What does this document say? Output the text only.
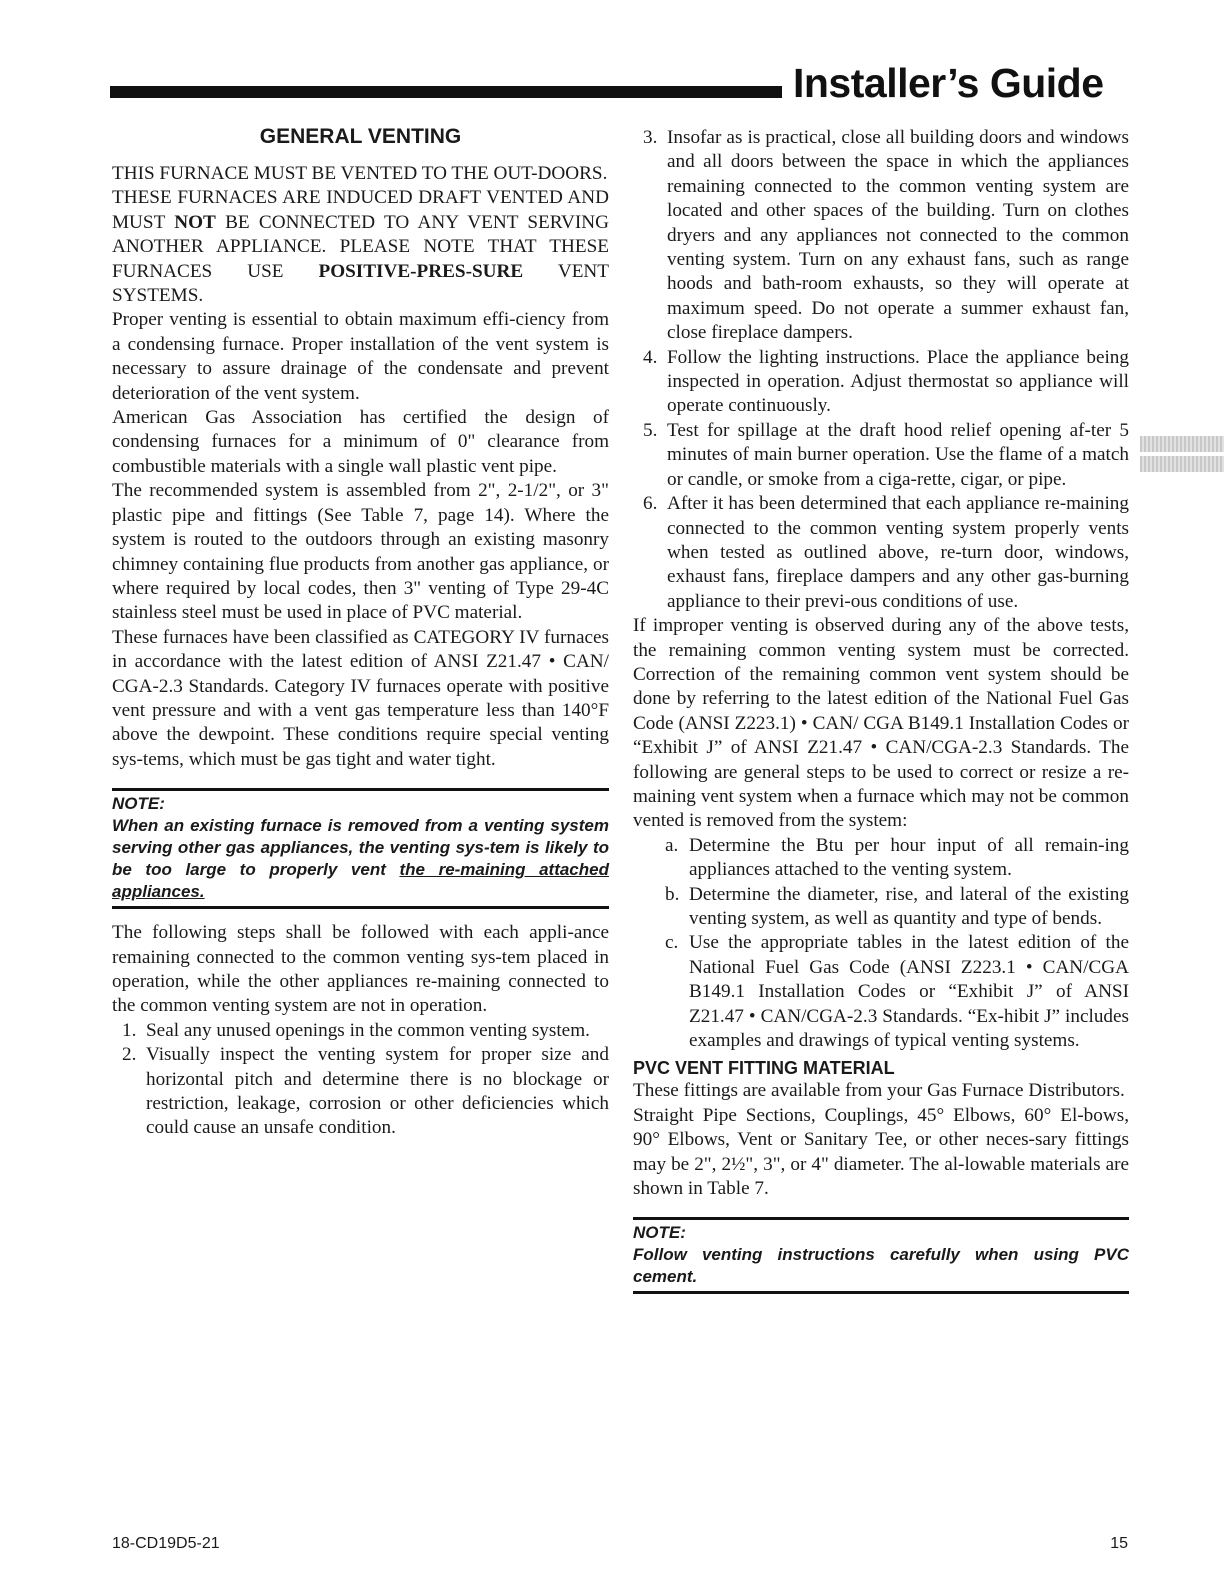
Installer’s Guide
GENERAL VENTING

THIS FURNACE MUST BE VENTED TO THE OUT-DOORS.

THESE FURNACES ARE INDUCED DRAFT VENTED AND MUST NOT BE CONNECTED TO ANY VENT SERVING ANOTHER APPLIANCE. PLEASE NOTE THAT THESE FURNACES USE POSITIVE-PRES-SURE VENT SYSTEMS.

Proper venting is essential to obtain maximum effi-ciency from a condensing furnace. Proper installation of the vent system is necessary to assure drainage of the condensate and prevent deterioration of the vent system.

American Gas Association has certified the design of condensing furnaces for a minimum of 0" clearance from combustible materials with a single wall plastic vent pipe.

The recommended system is assembled from 2", 2-1/2", or 3" plastic pipe and fittings (See Table 7, page 14). Where the system is routed to the outdoors through an existing masonry chimney containing flue products from another gas appliance, or where required by local codes, then 3" venting of Type 29-4C stainless steel must be used in place of PVC material.

These furnaces have been classified as CATEGORY IV furnaces in accordance with the latest edition of ANSI Z21.47 • CAN/ CGA-2.3 Standards. Category IV furnaces operate with positive vent pressure and with a vent gas temperature less than 140°F above the dewpoint. These conditions require special venting sys-tems, which must be gas tight and water tight.

NOTE:
When an existing furnace is removed from a venting system serving other gas appliances, the venting sys-tem is likely to be too large to properly vent the re-maining attached appliances.

The following steps shall be followed with each appli-ance remaining connected to the common venting sys-tem placed in operation, while the other appliances re-maining connected to the common venting system are not in operation.

1. Seal any unused openings in the common venting system.
2. Visually inspect the venting system for proper size and horizontal pitch and determine there is no blockage or restriction, leakage, corrosion or other deficiencies which could cause an unsafe condition.
3. Insofar as is practical, close all building doors and windows and all doors between the space in which the appliances remaining connected to the common venting system are located and other spaces of the building. Turn on clothes dryers and any appliances not connected to the common venting system. Turn on any exhaust fans, such as range hoods and bath-room exhausts, so they will operate at maximum speed. Do not operate a summer exhaust fan, close fireplace dampers.
4. Follow the lighting instructions. Place the appliance being inspected in operation. Adjust thermostat so appliance will operate continuously.
5. Test for spillage at the draft hood relief opening af-ter 5 minutes of main burner operation. Use the flame of a match or candle, or smoke from a ciga-rette, cigar, or pipe.
6. After it has been determined that each appliance re-maining connected to the common venting system properly vents when tested as outlined above, re-turn door, windows, exhaust fans, fireplace dampers and any other gas-burning appliance to their previ-ous conditions of use.

If improper venting is observed during any of the above tests, the remaining common venting system must be corrected. Correction of the remaining common vent system should be done by referring to the latest edition of the National Fuel Gas Code (ANSI Z223.1) • CAN/ CGA B149.1 Installation Codes or “Exhibit J” of ANSI Z21.47 • CAN/CGA-2.3 Standards. The following are general steps to be used to correct or resize a re-maining vent system when a furnace which may not be common vented is removed from the system:

a. Determine the Btu per hour input of all remain-ing appliances attached to the venting system.
b. Determine the diameter, rise, and lateral of the existing venting system, as well as quantity and type of bends.
c. Use the appropriate tables in the latest edition of the National Fuel Gas Code (ANSI Z223.1 • CAN/CGA B149.1 Installation Codes or “Exhibit J” of ANSI Z21.47 • CAN/CGA-2.3 Standards. “Ex-hibit J” includes examples and drawings of typical venting systems.
PVC VENT FITTING MATERIAL

These fittings are available from your Gas Furnace Distributors.

Straight Pipe Sections, Couplings, 45° Elbows, 60° El-bows, 90° Elbows, Vent or Sanitary Tee, or other neces-sary fittings may be 2", 2½", 3", or 4" diameter. The al-lowable materials are shown in Table 7.

NOTE:
Follow venting instructions carefully when using PVC cement.
18-CD19D5-21	15
